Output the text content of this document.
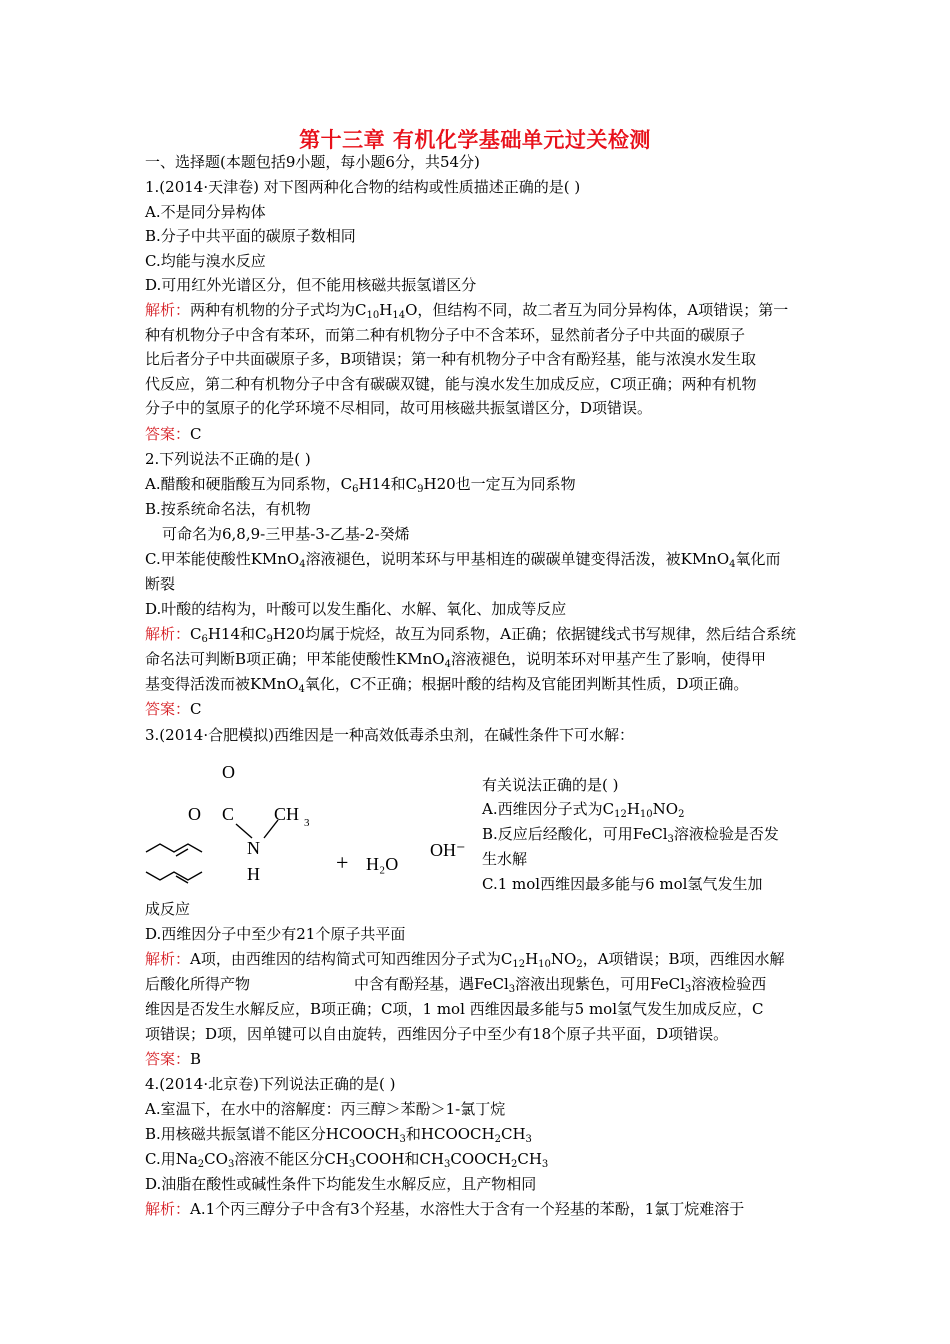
第十三章 有机化学基础单元过关检测
一、选择题(本题包括9小题，每小题6分，共54分)
1.(2014·天津卷) 对下图两种化合物的结构或性质描述正确的是( )
A.不是同分异构体
B.分子中共平面的碳原子数相同
C.均能与溴水反应
D.可用红外光谱区分，但不能用核磁共振氢谱区分
解析：两种有机物的分子式均为$C_{10}H_{14}O$，但结构不同，故二者互为同分异构体，A项错误；第一
种有机物分子中含有苯环，而第二种有机物分子中不含苯环，显然前者分子中共面的碳原子
比后者分子中共面碳原子多，B项错误；第一种有机物分子中含有酚羟基，能与浓溴水发生取
代反应，第二种有机物分子中含有碳碳双键，能与溴水发生加成反应，C项正确；两种有机物
分子中的氢原子的化学环境不尽相同，故可用核磁共振氢谱区分，D项错误。
答案：C
2.下列说法不正确的是( )
A.醋酸和硬脂酸互为同系物，$C_6H14$和$C_9H20$也一定互为同系物
B.按系统命名法，有机物
可命名为6,8,9-三甲基-3-乙基-2-癸烯
C.甲苯能使酸性KMnO$_4$溶液褪色，说明苯环与甲基相连的碳碳单键变得活泼，被KMnO$_4$氧化而
断裂
D.叶酸的结构为，叶酸可以发生酯化、水解、氧化、加成等反应
解析：$C_6H14$和$C_9H20$均属于烷烃，故互为同系物，A正确；依据键线式书写规律，然后结合系统
命名法可判断B项正确；甲苯能使酸性KMnO$_4$溶液褪色，说明苯环对甲基产生了影响，使得甲
基变得活泼而被KMnO$_4$氧化，C不正确；根据叶酸的结构及官能团判断其性质，D项正确。
答案：C
3.(2014·合肥模拟)西维因是一种高效低毒杀虫剂，在碱性条件下可水解：
O
O C CH 3
N
H	+ H₂O
OH⁻
有关说法正确的是( )
A.西维因分子式为$C_{12}H_{10}NO_2$
B.反应后经酸化，可用FeCl$_3$溶液检验是否发
生水解
C.1 mol西维因最多能与6 mol氢气发生加
成反应
D.西维因分子中至少有21个原子共平面
解析：A项，由西维因的结构简式可知西维因分子式为$C_{12}H_{10}NO_2$，A项错误；B项，西维因水解
后酸化所得产物	中含有酚羟基，遇FeCl$_3$溶液出现紫色，可用FeCl$_3$溶液检验西
维因是否发生水解反应，B项正确；C项，1 mol 西维因最多能与5 mol氢气发生加成反应，C
项错误；D项，因单键可以自由旋转，西维因分子中至少有18个原子共平面，D项错误。
答案：B
4.(2014·北京卷)下列说法正确的是( )
A.室温下，在水中的溶解度：丙三醇＞苯酚＞1-氯丁烷
B.用核磁共振氢谱不能区分$HCOOCH_3$和$HCOOCH_2CH_3$
C.用$Na_2CO_3$溶液不能区分$CH_3COOH$和$CH_3COOCH_2CH_3$
D.油脂在酸性或碱性条件下均能发生水解反应，且产物相同
解析：A.1个丙三醇分子中含有3个羟基，水溶性大于含有一个羟基的苯酚，1氯丁烷难溶于
